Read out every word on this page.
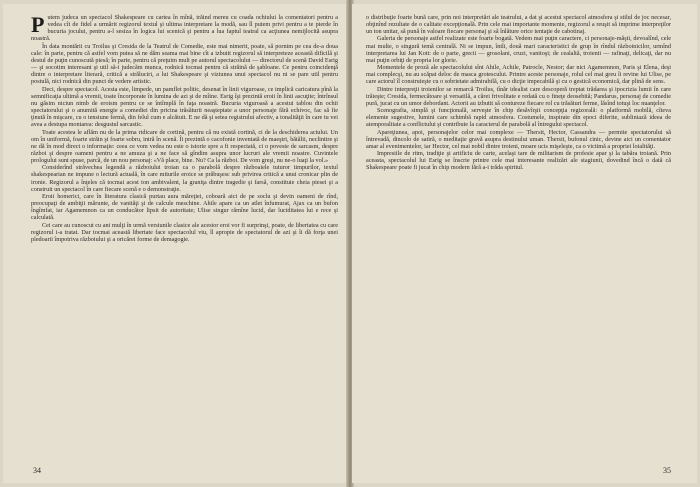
Putem judeca un spectacol Shakespeare cu cartea în mînă, trăind mereu cu coada ochiului la comentatori pentru a vedea cît de fidel a urmărit regizorul textul şi ultima interpretare la modă, sau îl putem privi pentru a te pierde în bucuria jocului, pentru a-l sesiza în logica lui scenică şi pentru a lua faptul teatral ca acţiunea nemijlocită asupra noastră.

În data montării cu Troilus şi Cresida de la Teatrul de Comedie, este mai nimerit, poate, să pornim pe cea de-a doua cale: în parte, pentru că astfel vom putea să ne dăm seama mai bine cît a izbutit regizorul să interpreteze această dificilă şi destul de puţin cunoscută piesă; în parte, pentru că preţuim mult pe autorul spectacolului — directorul de scenă David Esrig — şi socotim interesant şi util să-i judecăm munca, rodnică tocmai pentru că străină de şabloane. Ce pentru coincidenţă dintre o interpretare literară, critică a străluciri, a lui Shakespeare şi viziunea unui spectacol nu ni se pare util pentru postulă, nici rodnică din punct de vedere artistic.

Deci, despre spectacol. Acesta este, limpede, un pamflet politic, desenat în linii viguroase, ce implică caricatura pînă la semnificaţia ultimă a vremii, toate încorporate în lumina de azi şi de mîine. Esrig îşi prezintă eroii în linii ascuţite; întrînsul nu găsim niciun nimb de eroism pentru ce se întîmplă în faţa noastră. Bucuria viguroasă a acestui tablou din ochii spectatorului şi o anumită energie a comediei din pricina trăsăturii neaşteptate a unor personaje fără echivoc, fac să fie ţinută în mişcare, cu o tensiune fermă, din felul cum e alcătuit. E ne dă şi setea registrului afectiv, a tonalităţii în care tu vei avea a destupa montarea: desgustul sarcastic.

Toate acestea le aflăm nu de la prima ridicare de cortină, pentru că nu există cortină, ci de la deschiderea actului. Un om în uniformă, foarte străin şi foarte sobru, intră în scenă. Îi prezintă o cacofonie inventată de maeştri, bătălii, neclintire şi ne dă în mod direct o informaţie: ceea ce vom vedea nu este o istorie spre a fi respectată, ci o poveste de sarcasm, despre război şi despre oameni pentru a ne amuza şi a ne face să gîndim asupra unor lucruri ale vremii noastre. Cuvintele prologului sunt spuse, parcă, de un nou personaj: «Vă place, bine. Nu? Ca la război. De vom greşi, nu ne-o luaţi la vol.»

Considerînd străvechea legendă a războiului troian ca o parabolă despre războaiele tuturor timpurilor, textul shakespearian ne impune o lectură actuală, în care miturile eroice se prăbuşesc sub privirea critică a unui cronicar plin de ironie. Regizorul a înţeles că tocmai acest ton ambivalent, la graniţa dintre tragedie şi farsă, constituie cheia piesei şi a construit un spectacol în care fiecare scenă e o demonstraţie.

Eroii homerici, care în literatura clasică purtau aura măreţiei, coboară aici de pe soclu şi devin oameni de rînd, preocupaţi de ambiţii mărunte, de vanităţi şi de calcule meschine. Ahile apare ca un atlet înfumurat, Ajax ca un bufon îngîmfat, iar Agamemnon ca un conducător lipsit de autoritate; Ulise singur rămîne lucid, dar luciditatea lui e rece şi calculată.

Cei care au cunoscut cu ani mulţi în urmă versiunile clasice ale acestor eroi vor fi surprinşi, poate, de libertatea cu care regizorul i-a tratat. Dar tocmai această libertate face spectacolul viu, îl apropie de spectatorul de azi şi îi dă forţa unei pledoarii împotriva războiului şi a oricărei forme de demagogie.

34

o distribuţie foarte bună care, prin noi interpretări ale teatrului, a dat şi acestui spectacol atmosfera şi stilul de joc necesar, obţinînd rezultate de o calitate excepţională. Prin cele mai importante momente, regizorul a reuşit să imprime interpreţilor un ton unitar, să pună în valoare fiecare personaj şi să înlăture orice tentaţie de cabotinaj.

Galeria de personaje astfel realizate este foarte bogată. Vedem mai puţin caractere, ci personaje-măşti, devoalînd, cele mai multe, o singură temă centrală. Ni se impun, întîi, două mari caracteristici de grup în rîndul războinicilor, urmînd interpretarea lui Jan Kott: de o parte, grecii — grosolani, cruzi, vanitoşi; de cealaltă, troienii — rafinaţi, delicaţi, dar nu mai puţin orbiţi de propria lor glorie.

Momentele de proză ale spectacolului sînt Ahile, Achile, Patrocle, Nestor; dar nici Agamemnon, Paris şi Elena, deşi mai complecşi, nu au scăpat deloc de masca grotescului. Printre aceste personaje, rolul cel mai greu îi revine lui Ulise, pe care actorul îl construieşte cu o sobrietate admirabilă, cu o dicţie impecabilă şi cu o gestică economică, dar plină de sens.

Dintre interpreţii troienilor se remarcă Troilus, tînăr idealist care descoperă treptat trădarea şi ipocrizia lumii în care trăieşte; Cresida, fermecătoare şi versatilă, a cărei frivolitate e redată cu o fineţe deosebită; Pandarus, personaj de comedie pură, jucat cu un umor debordant. Actorii au izbutit să contureze fiecare rol cu trăsături ferme, lăsînd totuşi loc nuanţelor.

Scenografia, simplă şi funcţională, serveşte în chip desăvîrşit concepţia regizorală: o platformă mobilă, cîteva elemente sugestive, lumini care schimbă rapid atmosfera. Costumele, inspirate din epoci diferite, subliniază ideea de atemporalitate a conflictului şi contribuie la caracterul de parabolă al întregului spectacol.

Apareţiunea, apoi, personajelor celor mai complexe — Thersit, Hector, Cassandra — permite spectatorului să întrevadă, dincolo de satiră, o meditaţie gravă asupra destinului uman. Thersit, bufonul cinic, devine aici un comentator amar al evenimentelor, iar Hector, cel mai nobil dintre troieni, moare ucis mişeleşte, ca o victimă a propriei loialităţi.

Impresiile de ritm, tradiţie şi artificiu de carte, acelaşi tare de militarism de profesie apar şi la tabăra troiană. Prin aceasta, spectacolul lui Esrig se înscrie printre cele mai interesante realizări ale stagiunii, dovedind încă o dată că Shakespeare poate fi jucat în chip modern fără a-i trăda spiritul.

35
